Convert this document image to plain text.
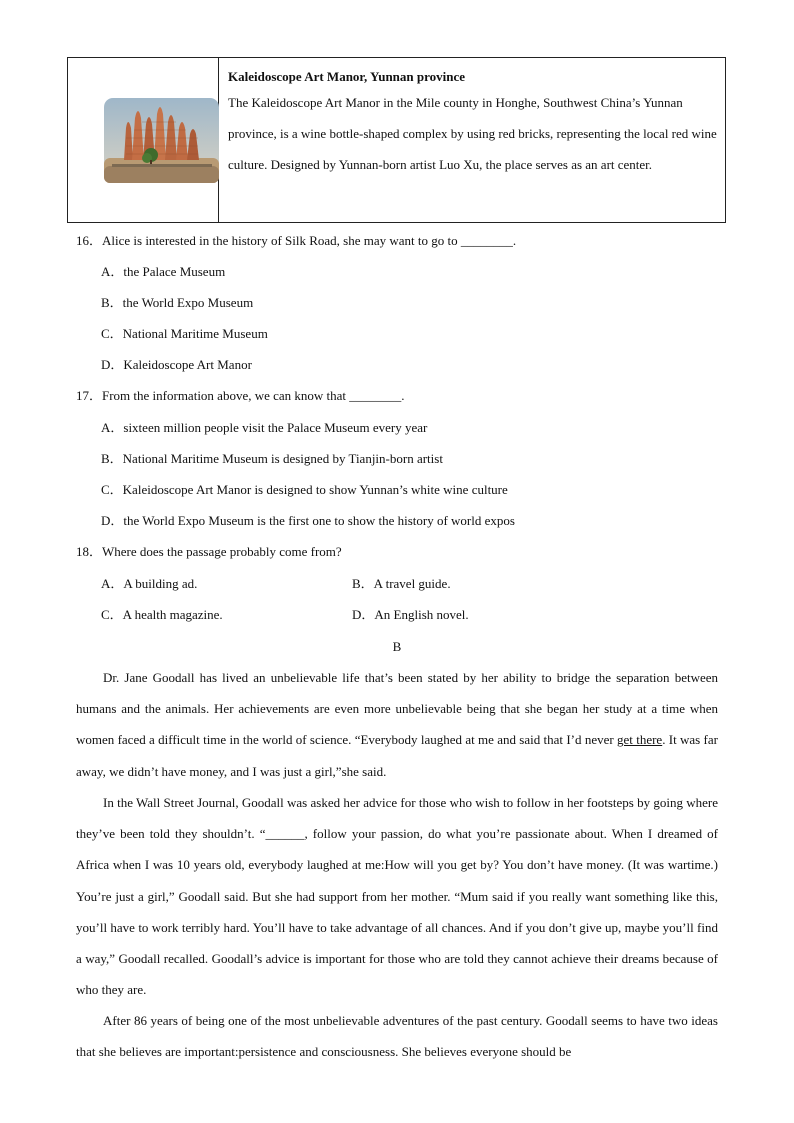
Kaleidoscope Art Manor, Yunnan province
The Kaleidoscope Art Manor in the Mile county in Honghe, Southwest China’s Yunnan province, is a wine bottle-shaped complex by using red bricks, representing the local red wine culture. Designed by Yunnan-born artist Luo Xu, the place serves as an art center.
16．Alice is interested in the history of Silk Road, she may want to go to ________.
A．the Palace Museum
B．the World Expo Museum
C．National Maritime Museum
D．Kaleidoscope Art Manor
17．From the information above, we can know that ________.
A．sixteen million people visit the Palace Museum every year
B．National Maritime Museum is designed by Tianjin-born artist
C．Kaleidoscope Art Manor is designed to show Yunnan’s white wine culture
D．the World Expo Museum is the first one to show the history of world expos
18．Where does the passage probably come from?
A．A building ad.	B．A travel guide.
C．A health magazine.	D．An English novel.
B
Dr. Jane Goodall has lived an unbelievable life that’s been stated by her ability to bridge the separation between humans and the animals. Her achievements are even more unbelievable being that she began her study at a time when women faced a difficult time in the world of science. “Everybody laughed at me and said that I’d never get there. It was far away, we didn’t have money, and I was just a girl,”she said.
In the Wall Street Journal, Goodall was asked her advice for those who wish to follow in her footsteps by going where they’ve been told they shouldn’t. “______, follow your passion, do what you’re passionate about. When I dreamed of Africa when I was 10 years old, everybody laughed at me:How will you get by? You don’t have money. (It was wartime.) You’re just a girl,” Goodall said. But she had support from her mother. “Mum said if you really want something like this, you’ll have to work terribly hard. You’ll have to take advantage of all chances. And if you don’t give up, maybe you’ll find a way,” Goodall recalled. Goodall’s advice is important for those who are told they cannot achieve their dreams because of who they are.
After 86 years of being one of the most unbelievable adventures of the past century. Goodall seems to have two ideas that she believes are important:persistence and consciousness. She believes everyone should be
